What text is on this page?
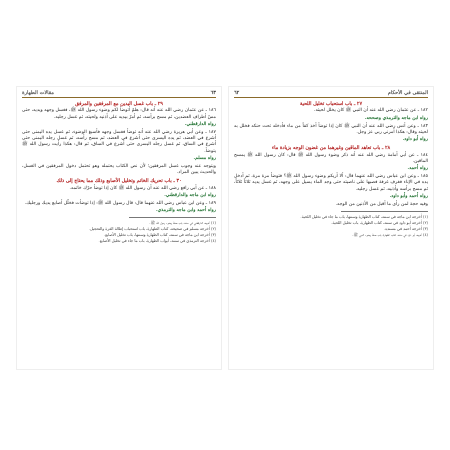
٦٣
مقالات الطهارة
٢٩ ـ باب غسل اليدين مع المرفقين والمرفق

١٨٦ ـ عن عثمان رضي الله عنه أنه قال: هلمّ أتوضأ لكم وضوء رسول الله ﷺ، فغسل وجهه ويديه، حتى مسّ أطراف العضدين، ثم مسح برأسه، ثم أمرّ بيديه على أذنيه ولحيته، ثم غسل رجليه.

رواه الدارقطني.

١٨٧ ـ وعن أبي هريرة رضي الله عنه أنه توضأ فغسل وجهه فأسبغ الوضوء، ثم غسل يده اليمنى حتى أشرع في العضد، ثم يده اليسرى حتى أشرع في العضد، ثم مسح رأسه، ثم غسل رجله اليمنى حتى أشرع في الساق، ثم غسل رجله اليسرى حتى أشرع في الساق، ثم قال: هكذا رأيت رسول الله ﷺ يتوضأ.

رواه مسلم.

ويتوجه عنه وجوب غسل المرفقين؛ لأن نص الكتاب يحتمله وهو تحتمل دخول المرفقين في الغسل، والحديث يبين المراد.

٣٠ ـ باب تحريك الخاتم وتخليل الأصابع وذلك مما يحتاج إلى ذلك

١٨٨ ـ عن أبي رافع رضي الله عنه أن رسول الله ﷺ كان إذا توضأ حرّك خاتمه.

رواه ابن ماجه والدارقطني.

١٨٩ ـ وعن ابن عباس رضي الله عنهما قال: قال رسول الله ﷺ: إذا توضأت فخلّل أصابع يديك ورجليك.

رواه أحمد وابن ماجه والترمذي.

(١) أخرجه الدارقطني في سننه، باب صفة وضوء رسول الله ﷺ.

(٢) أخرجه مسلم في صحيحه، كتاب الطهارة، باب استحباب إطالة الغرة والتحجيل.

(٣) أخرجه ابن ماجه في سننه، كتاب الطهارة وسننها، باب تخليل الأصابع.

(٤) أخرجه الترمذي في سننه، أبواب الطهارة، باب ما جاء في تخليل الأصابع.

المنتقى في الأحكام
٦٢
٢٧ ـ باب استحباب تخليل اللحية

١٨٢ ـ عن عثمان رضي الله عنه أن النبي ﷺ كان يخلل لحيته.

رواه ابن ماجه والترمذي وصححه.

١٨٣ ـ وعن أنس رضي الله عنه أن النبي ﷺ كان إذا توضأ أخذ كفاً من ماء فأدخله تحت حنكه فخلل به لحيته وقال: هكذا أمرني ربي عز وجل.

رواه أبو داود.

٢٨ ـ باب تعاهد الماقين وغيرهما من غضون الوجه بزيادة ماء

١٨٤ ـ عن أبي أمامة رضي الله عنه أنه ذكر وضوء رسول الله ﷺ قال: كان رسول الله ﷺ يمسح الماقين.

رواه أحمد.

١٨٥ ـ وعن ابن عباس رضي الله عنهما قال: ألا أريكم وضوء رسول الله ﷺ؟ فتوضأ مرة مرة، ثم أدخل يده في الإناء فغرف غرفة فصبها على ناصيته حتى وجد الماء يسيل على وجهه، ثم غسل يديه ثلاثاً ثلاثاً، ثم مسح برأسه وأذنيه، ثم غسل رجليه.

رواه أحمد وأبو داود.

وفيه حجة لمن رأى ما أقبل من الأذنين من الوجه.

(١) أخرجه ابن ماجه في سننه، كتاب الطهارة وسننها، باب ما جاء في تخليل اللحية.

(٢) أخرجه أبو داود في سننه، كتاب الطهارة، باب تخليل اللحية.

(٣) أخرجه أحمد في مسنده.

(٤) أخرجه أبو داود في سننه، كتاب الطهارة، باب صفة وضوء النبي ﷺ.
